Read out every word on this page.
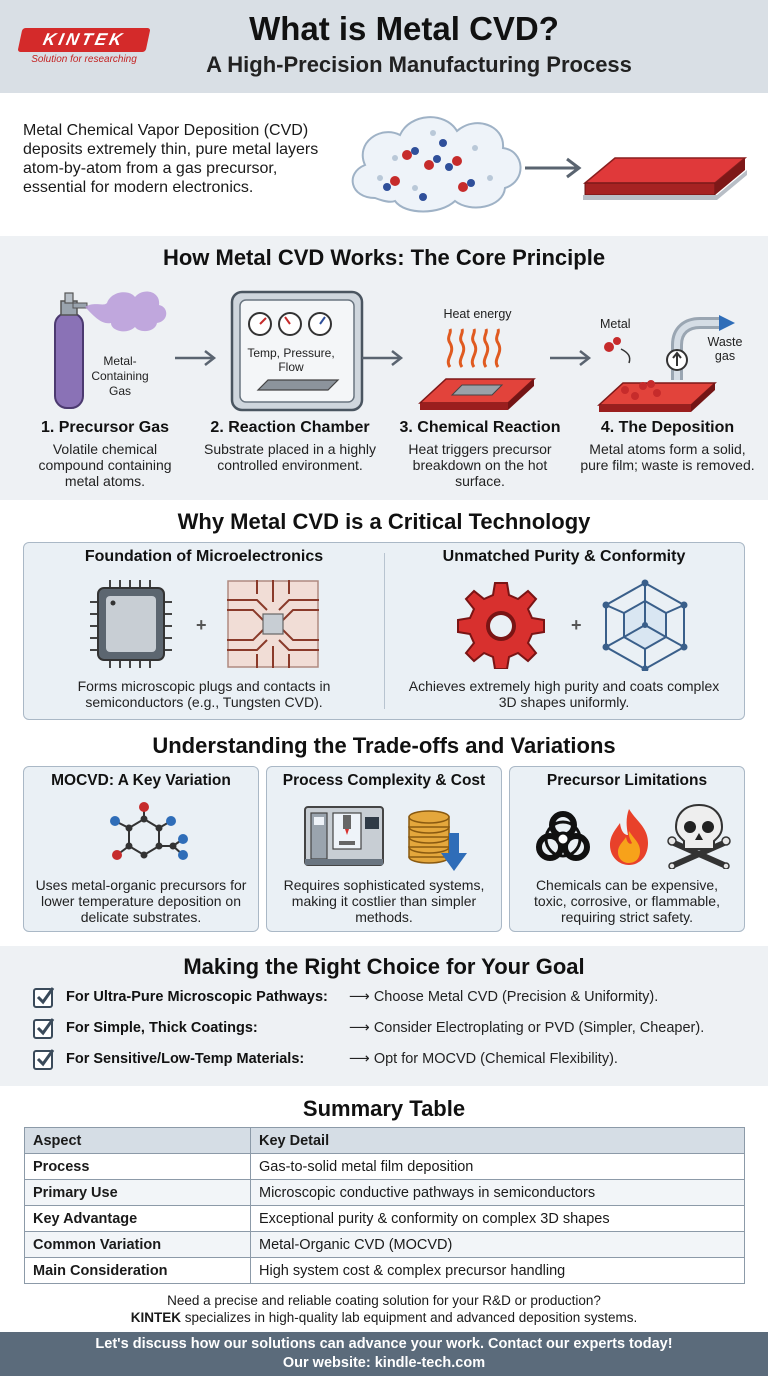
KINTEK
Solution for researching
What is Metal CVD?
A High-Precision Manufacturing Process
Metal Chemical Vapor Deposition (CVD) deposits extremely thin, pure metal layers atom-by-atom from a gas precursor, essential for modern electronics.
How Metal CVD Works: The Core Principle
Metal-
Containing
Gas
Temp, Pressure,
Flow
Heat energy
Metal
Waste
gas
1. Precursor Gas
Volatile chemical compound containing metal atoms.
2. Reaction Chamber
Substrate placed in a highly controlled environment.
3. Chemical Reaction
Heat triggers precursor breakdown on the hot surface.
4. The Deposition
Metal atoms form a solid, pure film; waste is removed.
Why Metal CVD is a Critical Technology
Foundation of Microelectronics	Unmatched Purity & Conformity
+
Forms microscopic plugs and contacts in semiconductors (e.g., Tungsten CVD).
+
Achieves extremely high purity and coats complex 3D shapes uniformly.
Understanding the Trade-offs and Variations
MOCVD: A Key Variation
Uses metal-organic precursors for lower temperature deposition on delicate substrates.
Process Complexity & Cost
Requires sophisticated systems, making it costlier than simpler methods.
Precursor Limitations
Chemicals can be expensive, toxic, corrosive, or flammable, requiring strict safety.
Making the Right Choice for Your Goal
For Ultra-Pure Microscopic Pathways: ⟶ Choose Metal CVD (Precision & Uniformity).
For Simple, Thick Coatings:	⟶ Consider Electroplating or PVD (Simpler, Cheaper).
For Sensitive/Low-Temp Materials:	⟶ Opt for MOCVD (Chemical Flexibility).
Summary Table
Aspect	Key Detail
Process	Gas-to-solid metal film deposition
Primary Use	Microscopic conductive pathways in semiconductors
Key Advantage	Exceptional purity & conformity on complex 3D shapes
Common Variation	Metal-Organic CVD (MOCVD)
Main Consideration	High system cost & complex precursor handling
Need a precise and reliable coating solution for your R&D or production?
KINTEK specializes in high-quality lab equipment and advanced deposition systems.
Let's discuss how our solutions can advance your work. Contact our experts today!
Our website: kindle-tech.com
